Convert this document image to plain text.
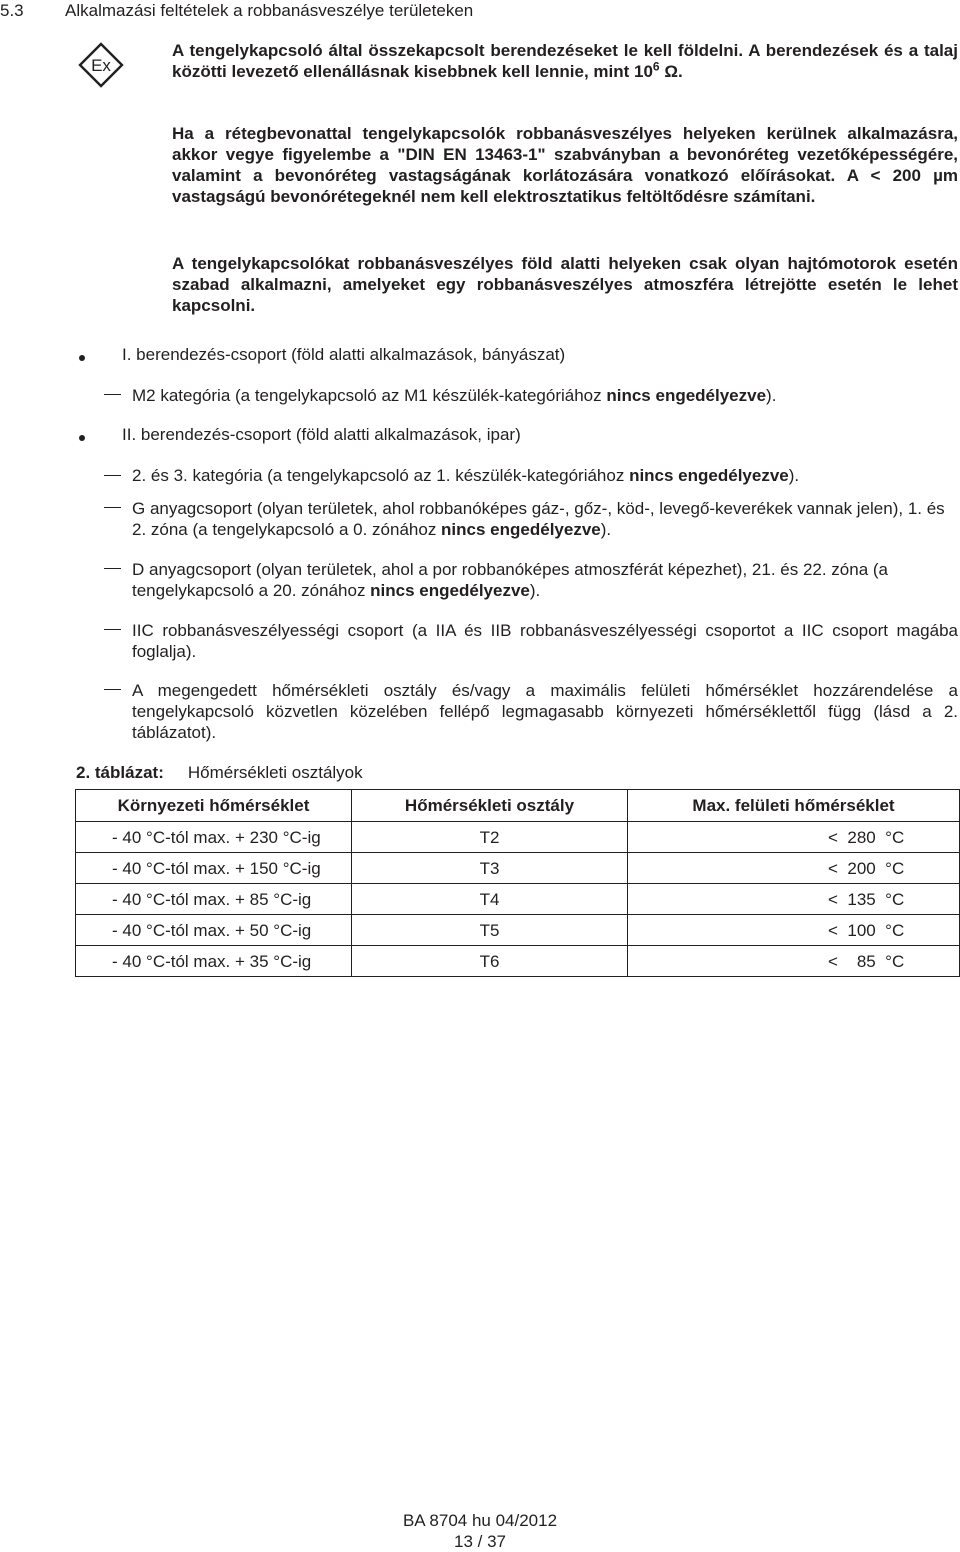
5.3 Alkalmazási feltételek a robbanásveszélye területeken
Ex
A tengelykapcsoló által összekapcsolt berendezéseket le kell földelni. A berendezések és a talaj közötti levezető ellenállásnak kisebbnek kell lennie, mint $10^6$ Ω.
Ha a rétegbevonattal tengelykapcsolók robbanásveszélyes helyeken kerülnek alkalmazásra, akkor vegye figyelembe a "DIN EN 13463-1" szabványban a bevonóréteg vezetőképességére, valamint a bevonóréteg vastagságának korlátozására vonatkozó előírásokat. A < 200 µm vastagságú bevonórétegeknél nem kell elektrosztatikus feltöltődésre számítani.
A tengelykapcsolókat robbanásveszélyes föld alatti helyeken csak olyan hajtómotorok esetén szabad alkalmazni, amelyeket egy robbanásveszélyes atmoszféra létrejötte esetén le lehet kapcsolni.
I. berendezés-csoport (föld alatti alkalmazások, bányászat)
M2 kategória (a tengelykapcsoló az M1 készülék-kategóriához nincs engedélyezve).
II. berendezés-csoport (föld alatti alkalmazások, ipar)
2. és 3. kategória (a tengelykapcsoló az 1. készülék-kategóriához nincs engedélyezve).
G anyagcsoport (olyan területek, ahol robbanóképes gáz-, gőz-, köd-, levegő-keverékek vannak jelen), 1. és 2. zóna (a tengelykapcsoló a 0. zónához nincs engedélyezve).
D anyagcsoport (olyan területek, ahol a por robbanóképes atmoszférát képezhet), 21. és 22. zóna (a tengelykapcsoló a 20. zónához nincs engedélyezve).
IIC robbanásveszélyességi csoport (a IIA és IIB robbanásveszélyességi csoportot a IIC csoport magába foglalja).
A megengedett hőmérsékleti osztály és/vagy a maximális felületi hőmérséklet hozzárendelése a tengelykapcsoló közvetlen közelében fellépő legmagasabb környezeti hőmérséklettől függ (lásd a 2. táblázatot).
2. táblázat: Hőmérsékleti osztályok
Környezeti hőmérséklet	Hőmérsékleti osztály	Max. felületi hőmérséklet
- 40 °C-tól max. + 230 °C-ig	T2	<  280  °C
- 40 °C-tól max. + 150 °C-ig	T3	<  200  °C
- 40 °C-tól max. + 85 °C-ig	T4	<  135  °C
- 40 °C-tól max. + 50 °C-ig	T5	<  100  °C
- 40 °C-tól max. + 35 °C-ig	T6	<    85  °C
BA 8704 hu 04/2012
13 / 37
